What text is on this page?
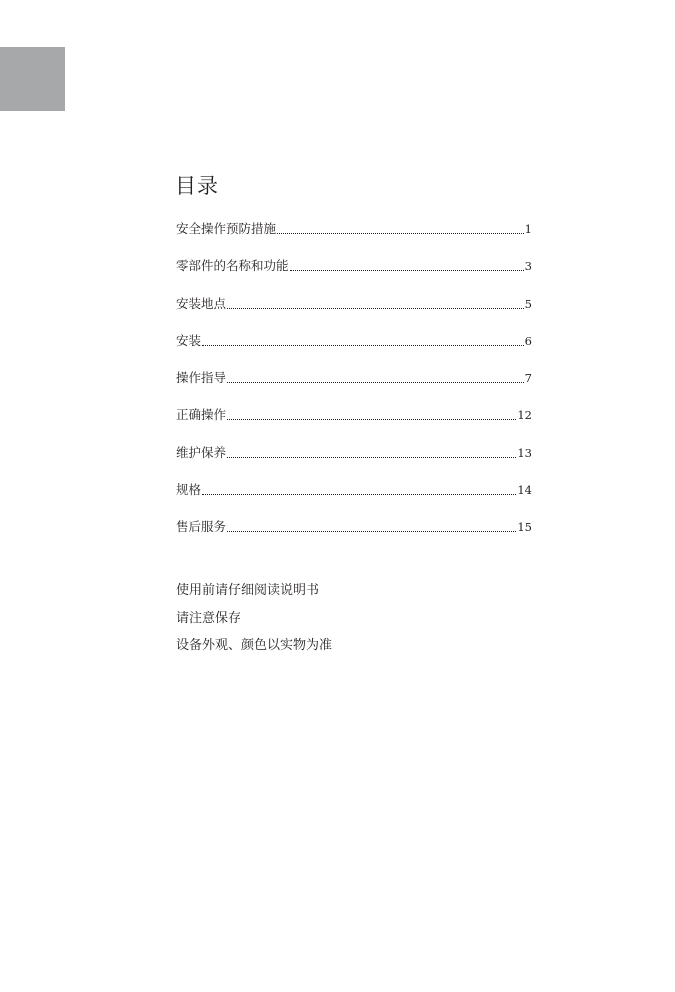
目录
安全操作预防措施	1
零部件的名称和功能	3
安装地点	5
安装	6
操作指导	7
正确操作	12
维护保养	13
规格	14
售后服务	15
使用前请仔细阅读说明书
请注意保存
设备外观、颜色以实物为准
